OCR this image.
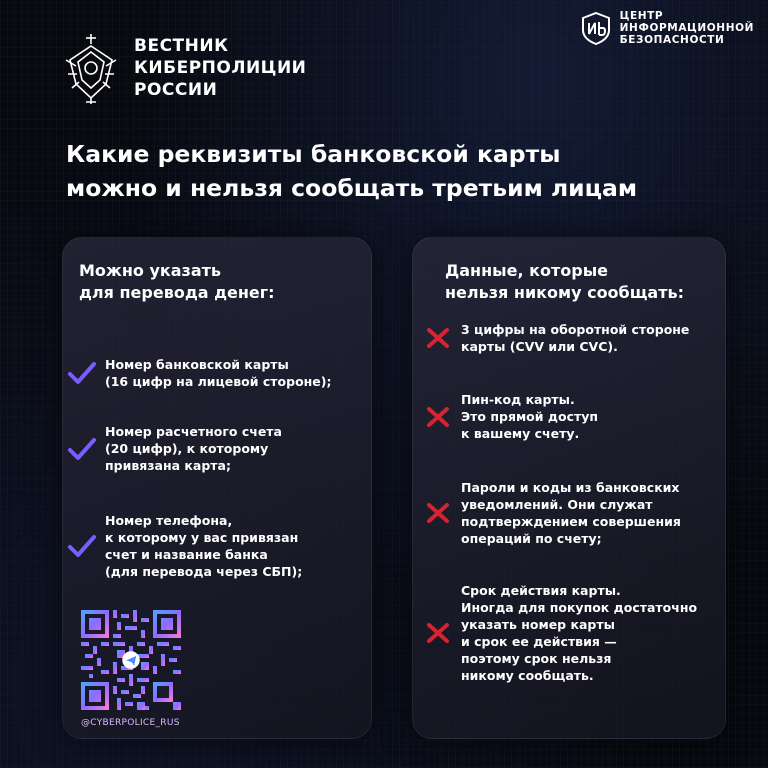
ВЕСТНИК
КИБЕРПОЛИЦИИ
РОССИИ
ЦЕНТР
ИНФОРМАЦИОННОЙ
БЕЗОПАСНОСТИ
Какие реквизиты банковской карты
можно и нельзя сообщать третьим лицам
Можно указать
для перевода денег:
Номер банковской карты
(16 цифр на лицевой стороне);
Номер расчетного счета
(20 цифр), к которому
привязана карта;
Номер телефона,
к которому у вас привязан
счет и название банка
(для перевода через СБП);
@CYBERPOLICE_RUS
Данные, которые
нельзя никому сообщать:
3 цифры на оборотной стороне
карты (CVV или CVC).
Пин-код карты.
Это прямой доступ
к вашему счету.
Пароли и коды из банковских
уведомлений. Они служат
подтверждением совершения
операций по счету;
Срок действия карты.
Иногда для покупок достаточно
указать номер карты
и срок ее действия —
поэтому срок нельзя
никому сообщать.
